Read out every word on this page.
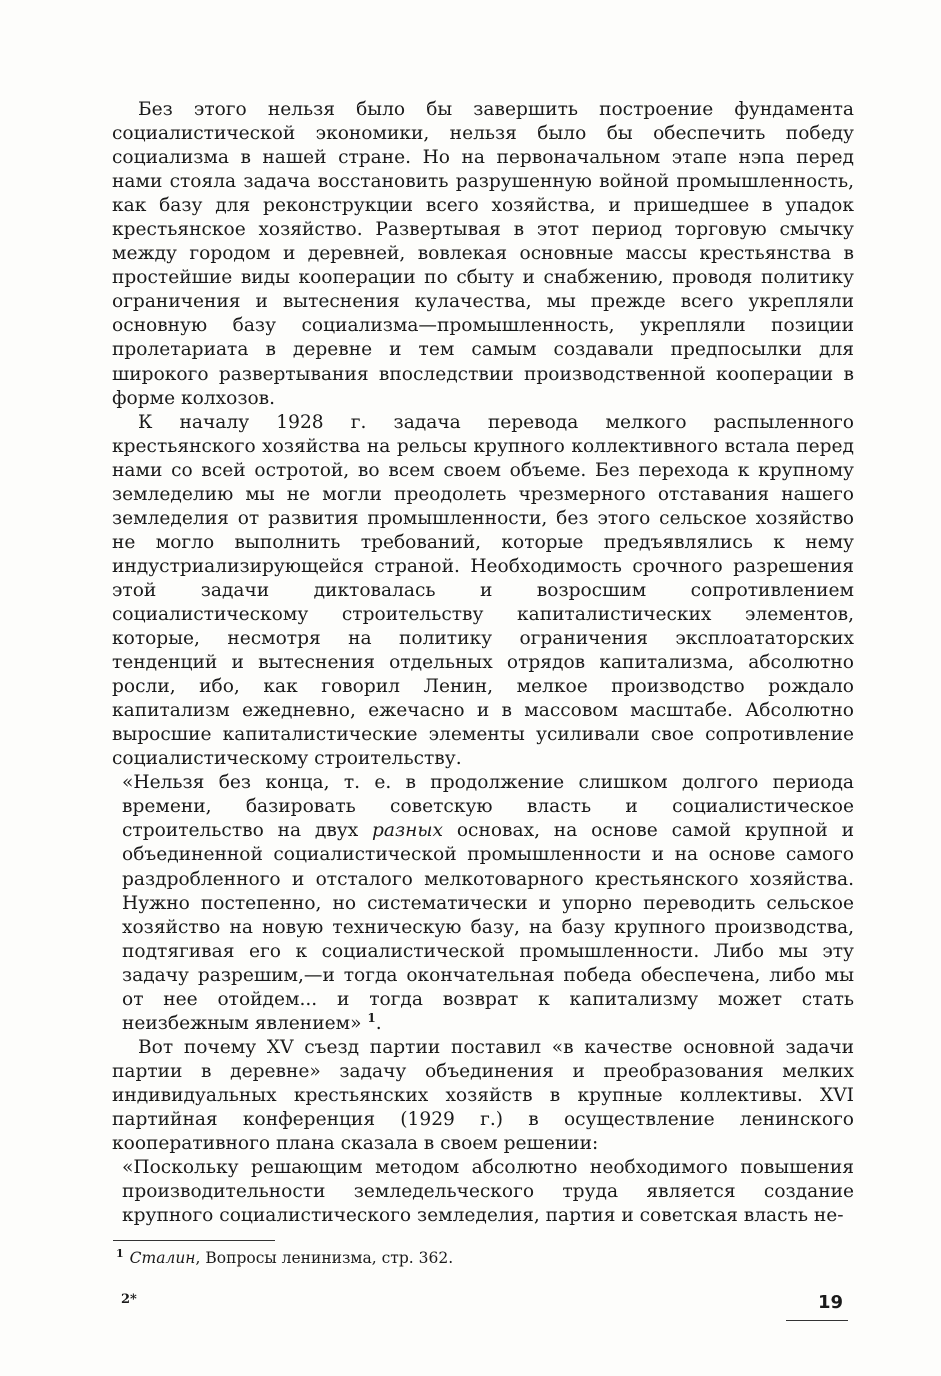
Без этого нельзя было бы завершить построение фундамента социалистической экономики, нельзя было бы обеспечить победу социализма в нашей стране. Но на первоначальном этапе нэпа перед нами стояла задача восстановить разрушенную войной промышленность, как базу для реконструкции всего хозяйства, и пришедшее в упадок крестьянское хозяйство. Развертывая в этот период торговую смычку между городом и деревней, вовлекая основные массы крестьянства в простейшие виды кооперации по сбыту и снабжению, проводя политику ограничения и вытеснения кулачества, мы прежде всего укрепляли основную базу социализма—промышленность, укрепляли позиции пролетариата в деревне и тем самым создавали предпосылки для широкого развертывания впоследствии производственной кооперации в форме колхозов.

К началу 1928 г. задача перевода мелкого распыленного крестьянского хозяйства на рельсы крупного коллективного встала перед нами со всей остротой, во всем своем объеме. Без перехода к крупному земледелию мы не могли преодолеть чрезмерного отставания нашего земледелия от развития промышленности, без этого сельское хозяйство не могло выполнить требований, которые предъявлялись к нему индустриализирующейся страной. Необходимость срочного разрешения этой задачи диктовалась и возросшим сопротивлением социалистическому строительству капиталистических элементов, которые, несмотря на политику ограничения эксплоататорских тенденций и вытеснения отдельных отрядов капитализма, абсолютно росли, ибо, как говорил Ленин, мелкое производство рождало капитализм ежедневно, ежечасно и в массовом масштабе. Абсолютно выросшие капиталистические элементы усиливали свое сопротивление социалистическому строительству.

«Нельзя без конца, т. е. в продолжение слишком долгого периода времени, базировать советскую власть и социалистическое строительство на двух разных основах, на основе самой крупной и объединенной социалистической промышленности и на основе самого раздробленного и отсталого мелкотоварного крестьянского хозяйства. Нужно постепенно, но систематически и упорно переводить сельское хозяйство на новую техническую базу, на базу крупного производства, подтягивая его к социалистической промышленности. Либо мы эту задачу разрешим,—и тогда окончательная победа обеспечена, либо мы от нее отойдем... и тогда возврат к капитализму может стать неизбежным явлением» $^1$.

Вот почему XV съезд партии поставил «в качестве основной задачи партии в деревне» задачу объединения и преобразования мелких индивидуальных крестьянских хозяйств в крупные коллективы. XVI партийная конференция (1929 г.) в осуществление ленинского кооперативного плана сказала в своем решении:

«Поскольку решающим методом абсолютно необходимого повышения производительности земледельческого труда является создание крупного социалистического земледелия, партия и советская власть не-

$^1$ Сталин, Вопросы ленинизма, стр. 362.
2*	19
